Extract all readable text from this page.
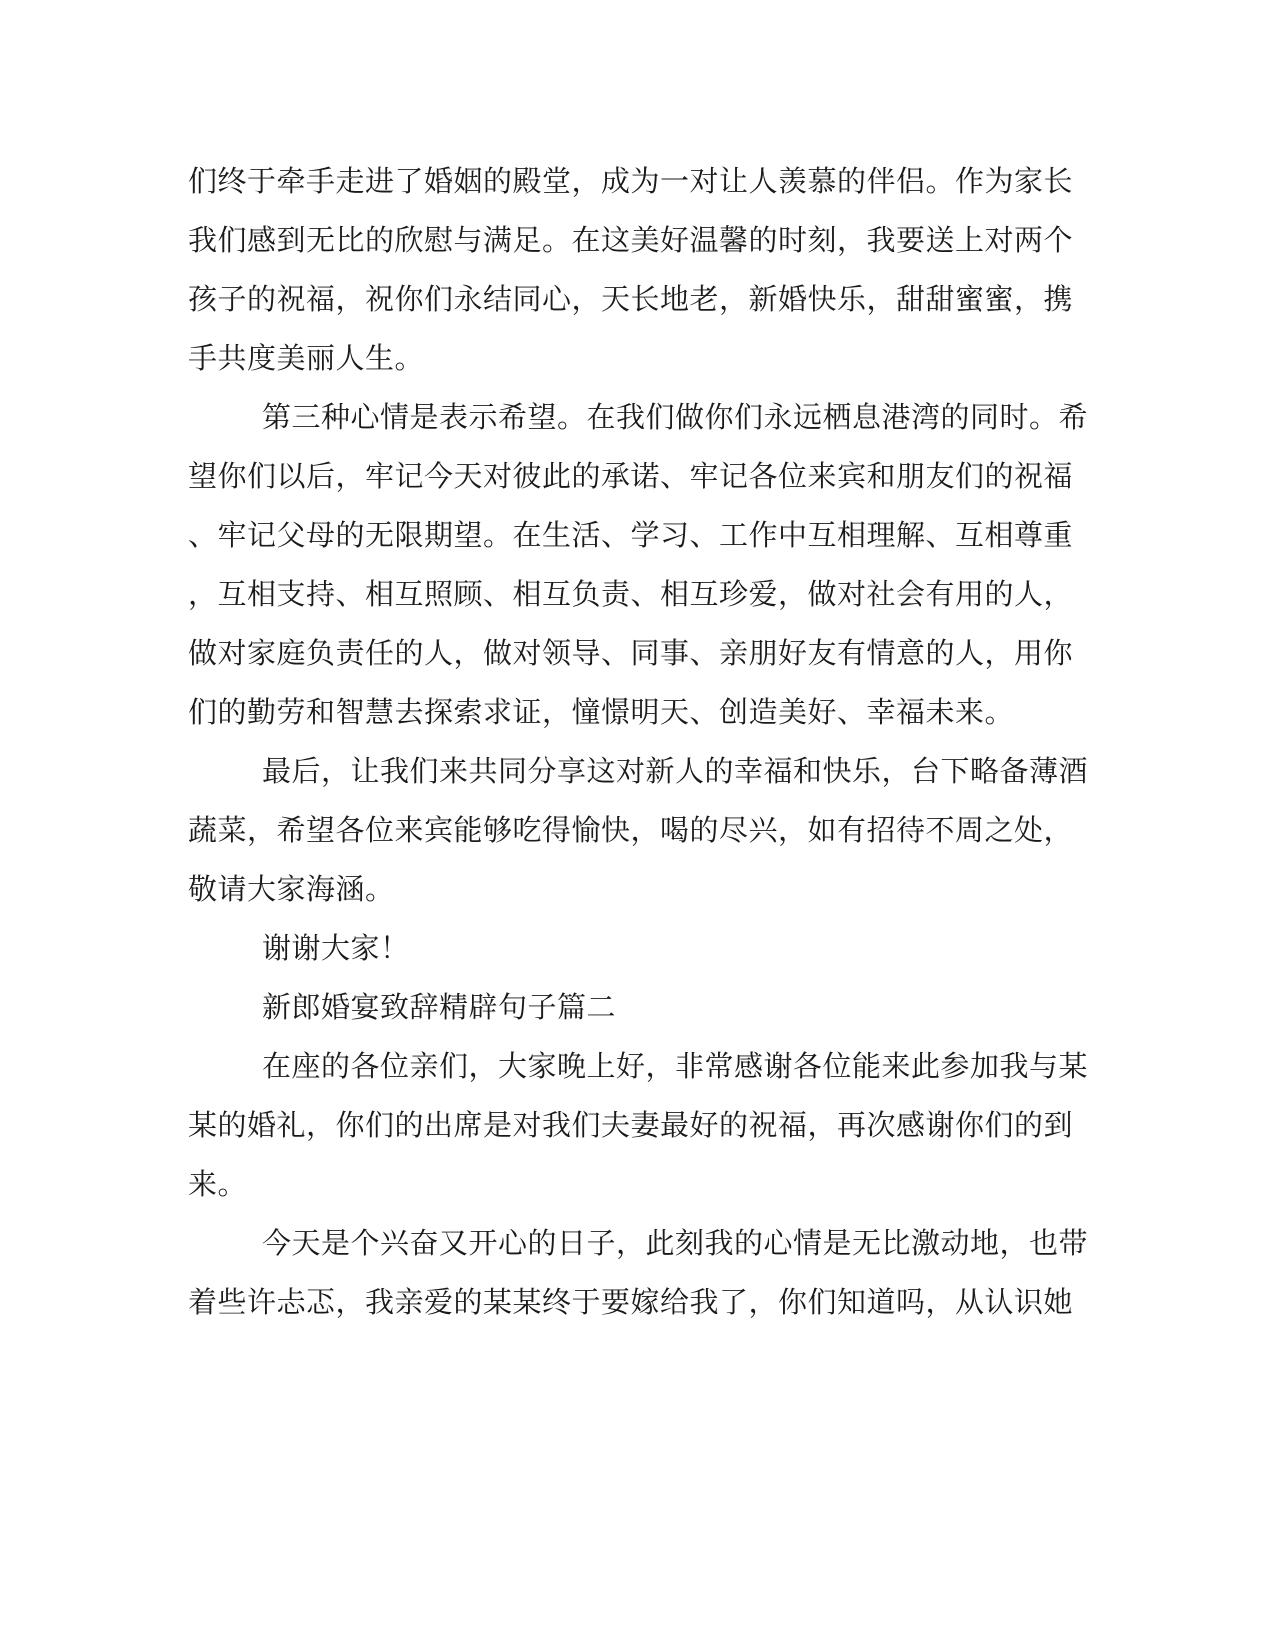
们终于牵手走进了婚姻的殿堂，成为一对让人羡慕的伴侣。作为家长
我们感到无比的欣慰与满足。在这美好温馨的时刻，我要送上对两个
孩子的祝福，祝你们永结同心，天长地老，新婚快乐，甜甜蜜蜜，携
手共度美丽人生。
第三种心情是表示希望。在我们做你们永远栖息港湾的同时。希
望你们以后，牢记今天对彼此的承诺、牢记各位来宾和朋友们的祝福
、牢记父母的无限期望。在生活、学习、工作中互相理解、互相尊重
，互相支持、相互照顾、相互负责、相互珍爱，做对社会有用的人，
做对家庭负责任的人，做对领导、同事、亲朋好友有情意的人，用你
们的勤劳和智慧去探索求证，憧憬明天、创造美好、幸福未来。
最后，让我们来共同分享这对新人的幸福和快乐，台下略备薄酒
蔬菜，希望各位来宾能够吃得愉快，喝的尽兴，如有招待不周之处，
敬请大家海涵。
谢谢大家！
新郎婚宴致辞精辟句子篇二
在座的各位亲们，大家晚上好，非常感谢各位能来此参加我与某
某的婚礼，你们的出席是对我们夫妻最好的祝福，再次感谢你们的到
来。
今天是个兴奋又开心的日子，此刻我的心情是无比激动地，也带
着些许忐忑，我亲爱的某某终于要嫁给我了，你们知道吗，从认识她
